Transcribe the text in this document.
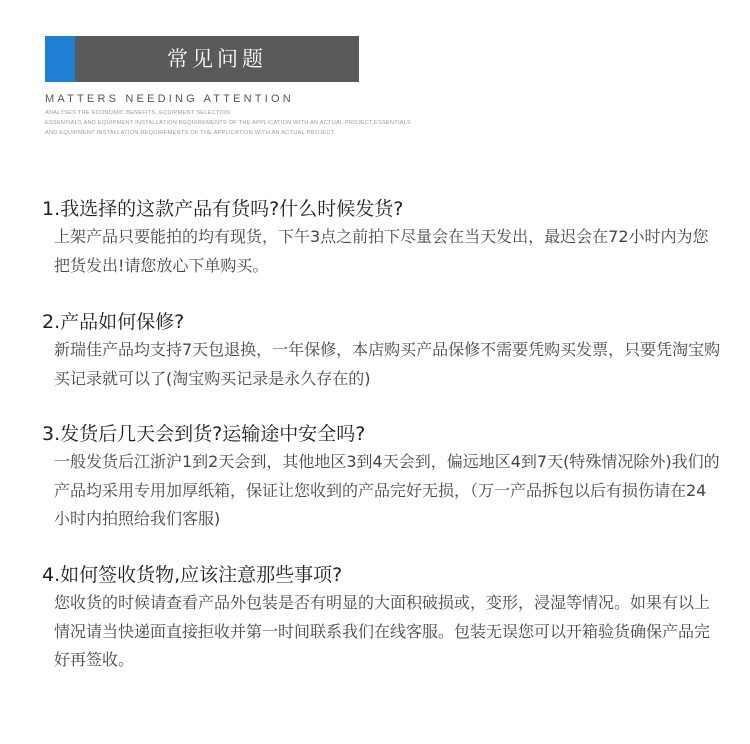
常见问题
MATTERS NEEDING ATTENTION
ANALYSES THE ECONOMIC BENEFITS, EQUIPMENT SELECTION
ESSENTIALS AND EQUIPMENT INSTALLATION REQUIREMENTS OF THE APPLICATION WITH AN ACTUAL PROJECT,ESSENTIALS
AND EQUIPMENT INSTALLATION REQUIREMENTS OF THE APPLICATION WITH AN ACTUAL PROJECT.
1.我选择的这款产品有货吗?什么时候发货?
上架产品只要能拍的均有现货，下午3点之前拍下尽量会在当天发出，最迟会在72小时内为您把货发出!请您放心下单购买。
2.产品如何保修?
新瑞佳产品均支持7天包退换，一年保修，本店购买产品保修不需要凭购买发票，只要凭淘宝购买记录就可以了(淘宝购买记录是永久存在的)
3.发货后几天会到货?运输途中安全吗?
一般发货后江浙沪1到2天会到，其他地区3到4天会到，偏远地区4到7天(特殊情况除外)我们的产品均采用专用加厚纸箱，保证让您收到的产品完好无损，（万一产品拆包以后有损伤请在24小时内拍照给我们客服)
4.如何签收货物,应该注意那些事项?
您收货的时候请查看产品外包装是否有明显的大面积破损或，变形，浸湿等情况。如果有以上情况请当快递面直接拒收并第一时间联系我们在线客服。包装无误您可以开箱验货确保产品完好再签收。
